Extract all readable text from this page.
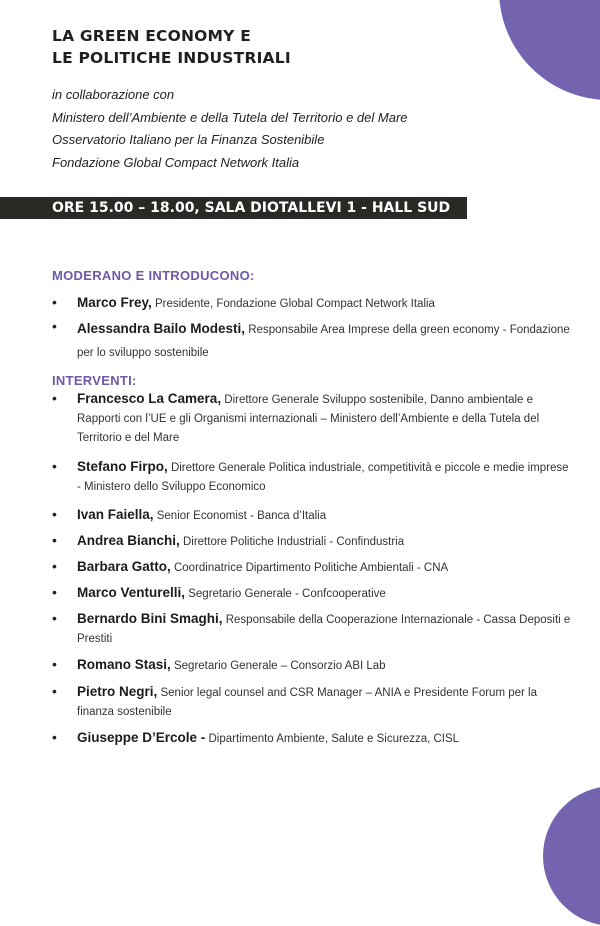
LA GREEN ECONOMY E
LE POLITICHE INDUSTRIALI
in collaborazione con
Ministero dell’Ambiente e della Tutela del Territorio e del Mare
Osservatorio Italiano per la Finanza Sostenibile
Fondazione Global Compact Network Italia
ORE 15.00 – 18.00, SALA DIOTALLEVI 1 - HALL SUD
MODERANO E INTRODUCONO:
• Marco Frey, Presidente, Fondazione Global Compact Network Italia
• Alessandra Bailo Modesti, Responsabile Area Imprese della green economy - Fondazione per lo sviluppo sostenibile
INTERVENTI:
• Francesco La Camera, Direttore Generale Sviluppo sostenibile, Danno ambientale e Rapporti con l’UE e gli Organismi internazionali – Ministero dell’Ambiente e della Tutela del Territorio e del Mare
• Stefano Firpo, Direttore Generale Politica industriale, competitività e piccole e medie imprese - Ministero dello Sviluppo Economico
• Ivan Faiella, Senior Economist - Banca d’Italia
• Andrea Bianchi, Direttore Politiche Industriali - Confindustria
• Barbara Gatto, Coordinatrice Dipartimento Politiche Ambientali - CNA
• Marco Venturelli, Segretario Generale - Confcooperative
• Bernardo Bini Smaghi, Responsabile della Cooperazione Internazionale - Cassa Depositi e Prestiti
• Romano Stasi, Segretario Generale – Consorzio ABI Lab
• Pietro Negri, Senior legal counsel and CSR Manager – ANIA e Presidente Forum per la finanza sostenibile
• Giuseppe D’Ercole - Dipartimento Ambiente, Salute e Sicurezza, CISL
